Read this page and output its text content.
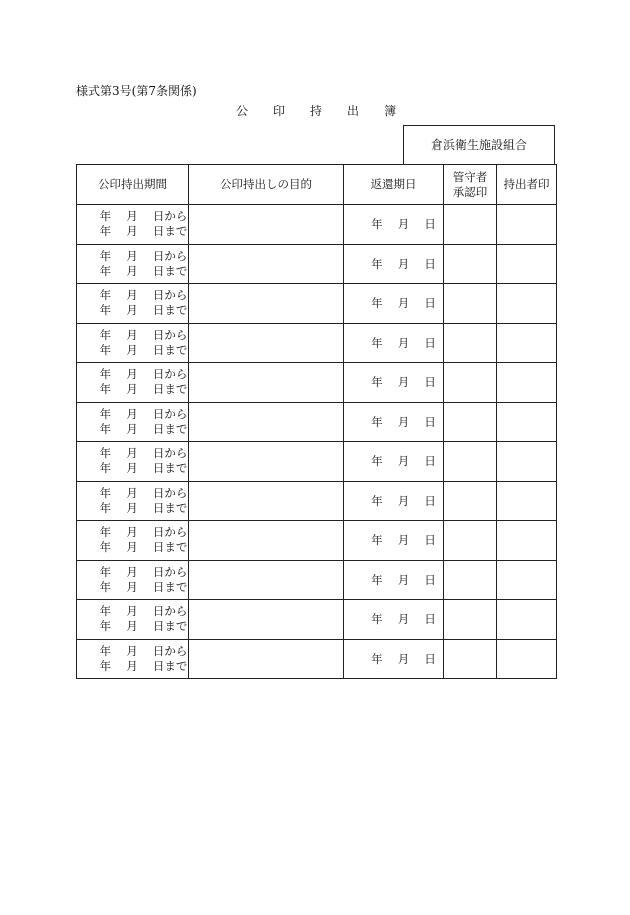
様式第3号(第7条関係)
公 印 持 出 簿
倉浜衛生施設組合
公印持出期間	公印持出しの目的	返還期日	管守者
承認印	持出者印

年　 月　 日から
年　 月　 日まで		年　 月　 日		

年　 月　 日から
年　 月　 日まで		年　 月　 日		

年　 月　 日から
年　 月　 日まで		年　 月　 日		

年　 月　 日から
年　 月　 日まで		年　 月　 日		

年　 月　 日から
年　 月　 日まで		年　 月　 日		

年　 月　 日から
年　 月　 日まで		年　 月　 日		

年　 月　 日から
年　 月　 日まで		年　 月　 日		

年　 月　 日から
年　 月　 日まで		年　 月　 日		

年　 月　 日から
年　 月　 日まで		年　 月　 日		

年　 月　 日から
年　 月　 日まで		年　 月　 日		

年　 月　 日から
年　 月　 日まで		年　 月　 日		

年　 月　 日から
年　 月　 日まで		年　 月　 日		
